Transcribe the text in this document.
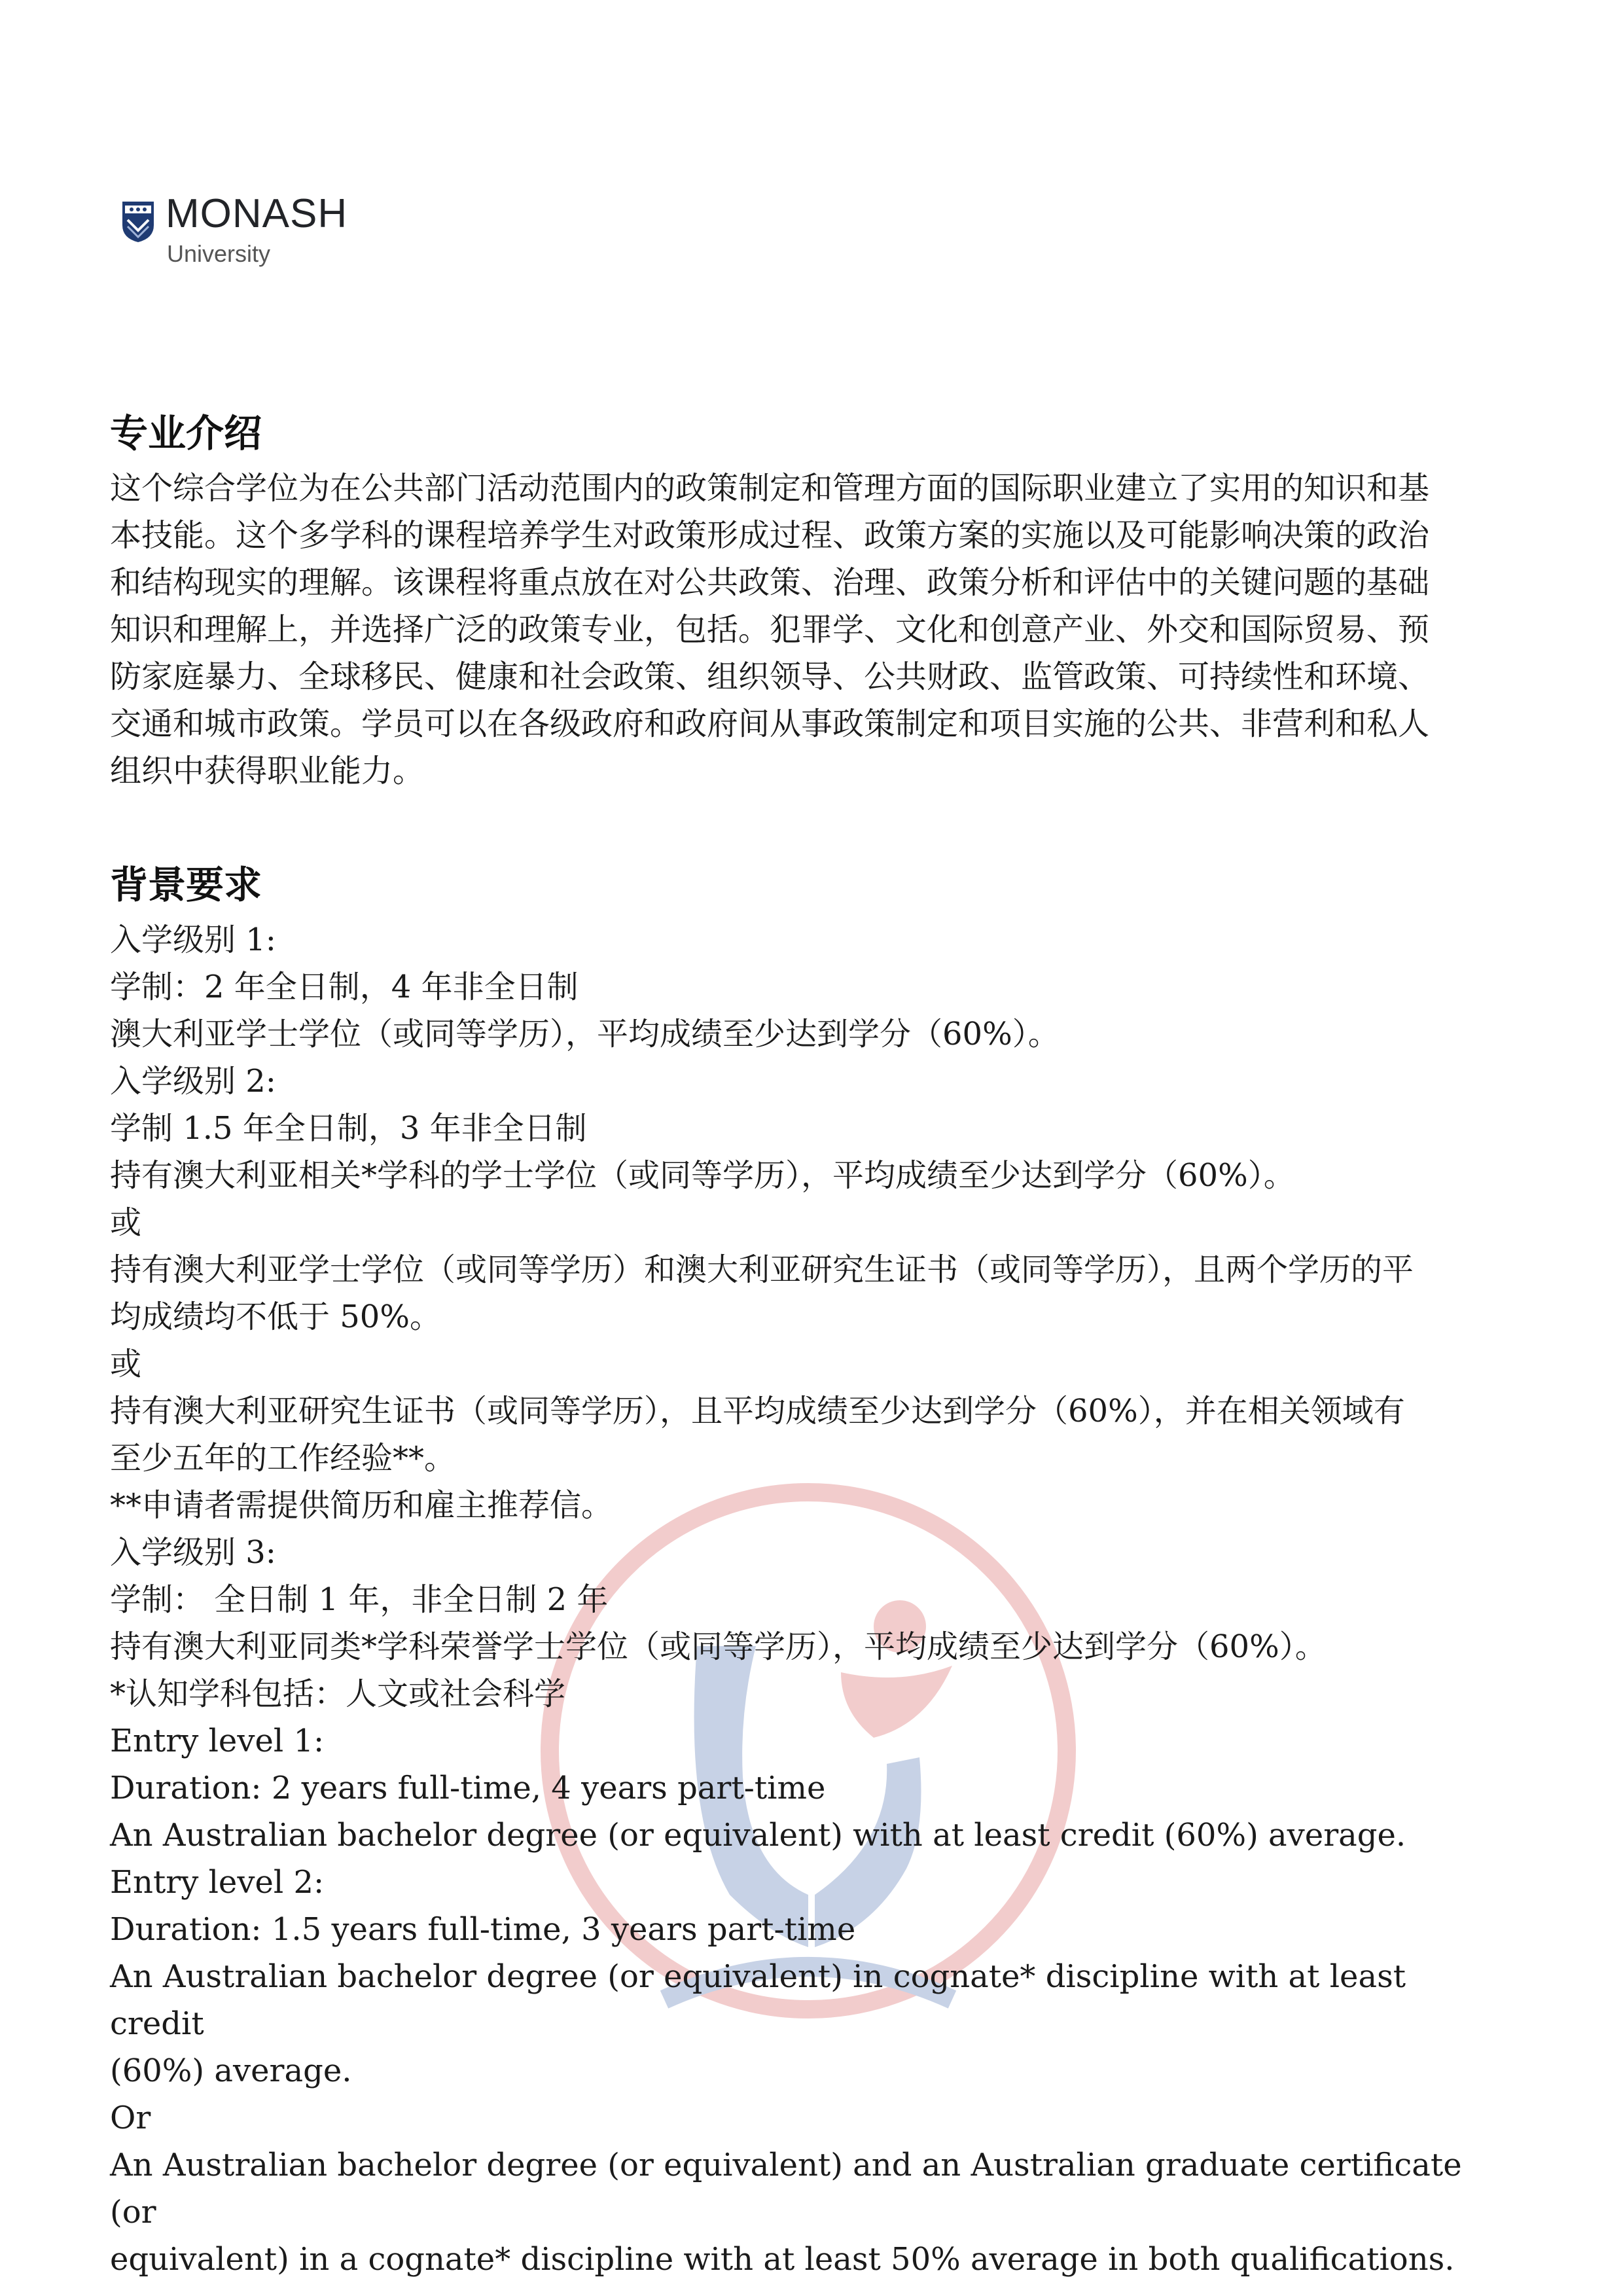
MONASH
University
专业介绍

这个综合学位为在公共部门活动范围内的政策制定和管理方面的国际职业建立了实用的知识和基

本技能。这个多学科的课程培养学生对政策形成过程、政策方案的实施以及可能影响决策的政治

和结构现实的理解。该课程将重点放在对公共政策、治理、政策分析和评估中的关键问题的基础

知识和理解上，并选择广泛的政策专业，包括。犯罪学、文化和创意产业、外交和国际贸易、预

防家庭暴力、全球移民、健康和社会政策、组织领导、公共财政、监管政策、可持续性和环境、

交通和城市政策。学员可以在各级政府和政府间从事政策制定和项目实施的公共、非营利和私人

组织中获得职业能力。

背景要求

入学级别 1:

学制：2 年全日制，4 年非全日制

澳大利亚学士学位（或同等学历），平均成绩至少达到学分（60%）。

入学级别 2:

学制 1.5 年全日制，3 年非全日制

持有澳大利亚相关*学科的学士学位（或同等学历），平均成绩至少达到学分（60%）。

或

持有澳大利亚学士学位（或同等学历）和澳大利亚研究生证书（或同等学历），且两个学历的平

均成绩均不低于 50%。

或

持有澳大利亚研究生证书（或同等学历），且平均成绩至少达到学分（60%），并在相关领域有

至少五年的工作经验**。

**申请者需提供简历和雇主推荐信。

入学级别 3:

学制： 全日制 1 年，非全日制 2 年

持有澳大利亚同类*学科荣誉学士学位（或同等学历），平均成绩至少达到学分（60%）。

*认知学科包括：人文或社会科学

Entry level 1:

Duration: 2 years full-time, 4 years part-time

An Australian bachelor degree (or equivalent) with at least credit (60%) average.

Entry level 2:

Duration: 1.5 years full-time, 3 years part-time

An Australian bachelor degree (or equivalent) in cognate* discipline with at least credit

(60%) average.

Or

An Australian bachelor degree (or equivalent) and an Australian graduate certificate (or

equivalent) in a cognate* discipline with at least 50% average in both qualifications.
